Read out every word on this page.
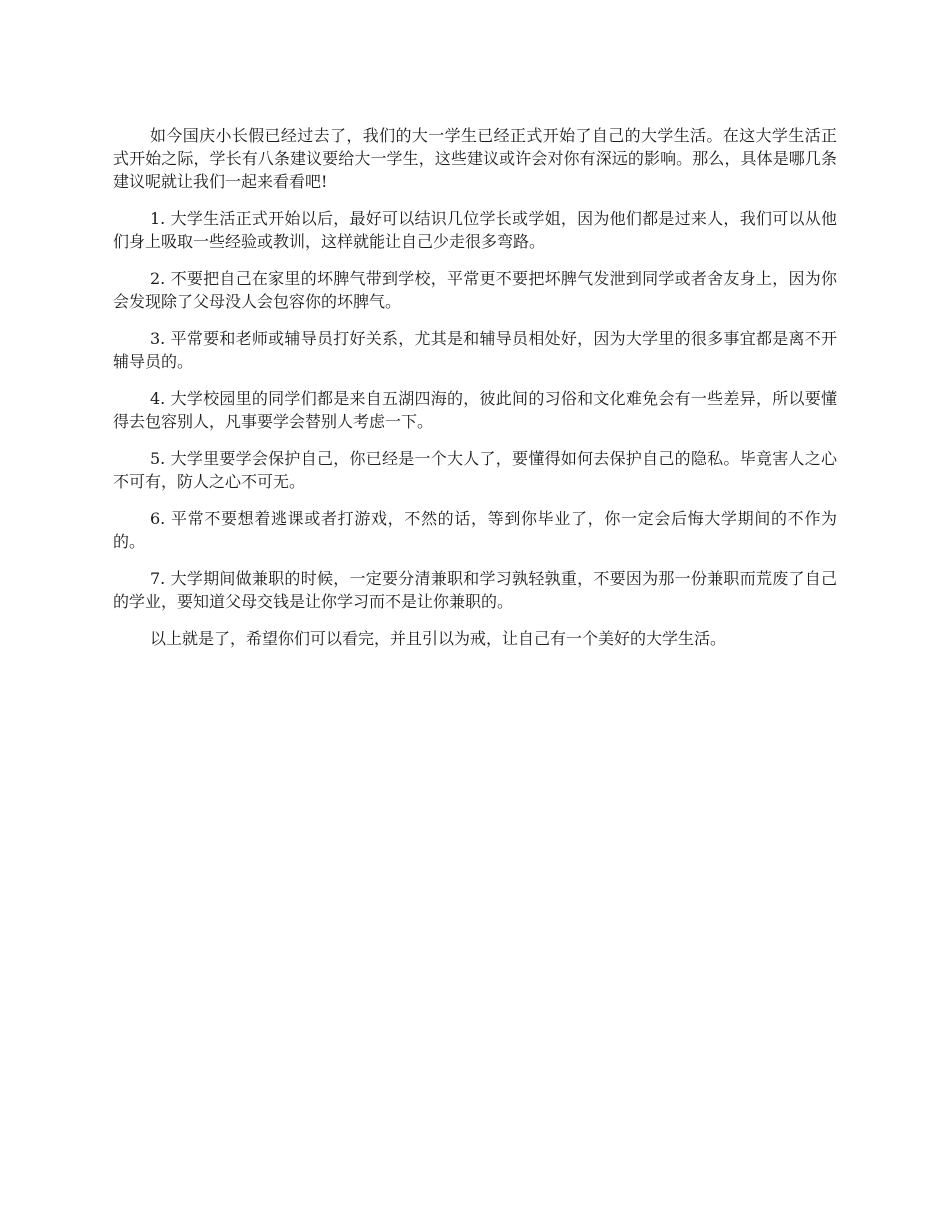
如今国庆小长假已经过去了，我们的大一学生已经正式开始了自己的大学生活。在这大学生活正式开始之际，学长有八条建议要给大一学生，这些建议或许会对你有深远的影响。那么，具体是哪几条建议呢就让我们一起来看看吧!

1. 大学生活正式开始以后，最好可以结识几位学长或学姐，因为他们都是过来人，我们可以从他们身上吸取一些经验或教训，这样就能让自己少走很多弯路。

2. 不要把自己在家里的坏脾气带到学校，平常更不要把坏脾气发泄到同学或者舍友身上，因为你会发现除了父母没人会包容你的坏脾气。

3. 平常要和老师或辅导员打好关系，尤其是和辅导员相处好，因为大学里的很多事宜都是离不开辅导员的。

4. 大学校园里的同学们都是来自五湖四海的，彼此间的习俗和文化难免会有一些差异，所以要懂得去包容别人，凡事要学会替别人考虑一下。

5. 大学里要学会保护自己，你已经是一个大人了，要懂得如何去保护自己的隐私。毕竟害人之心不可有，防人之心不可无。

6. 平常不要想着逃课或者打游戏，不然的话，等到你毕业了，你一定会后悔大学期间的不作为的。

7. 大学期间做兼职的时候，一定要分清兼职和学习孰轻孰重，不要因为那一份兼职而荒废了自己的学业，要知道父母交钱是让你学习而不是让你兼职的。

以上就是了，希望你们可以看完，并且引以为戒，让自己有一个美好的大学生活。
